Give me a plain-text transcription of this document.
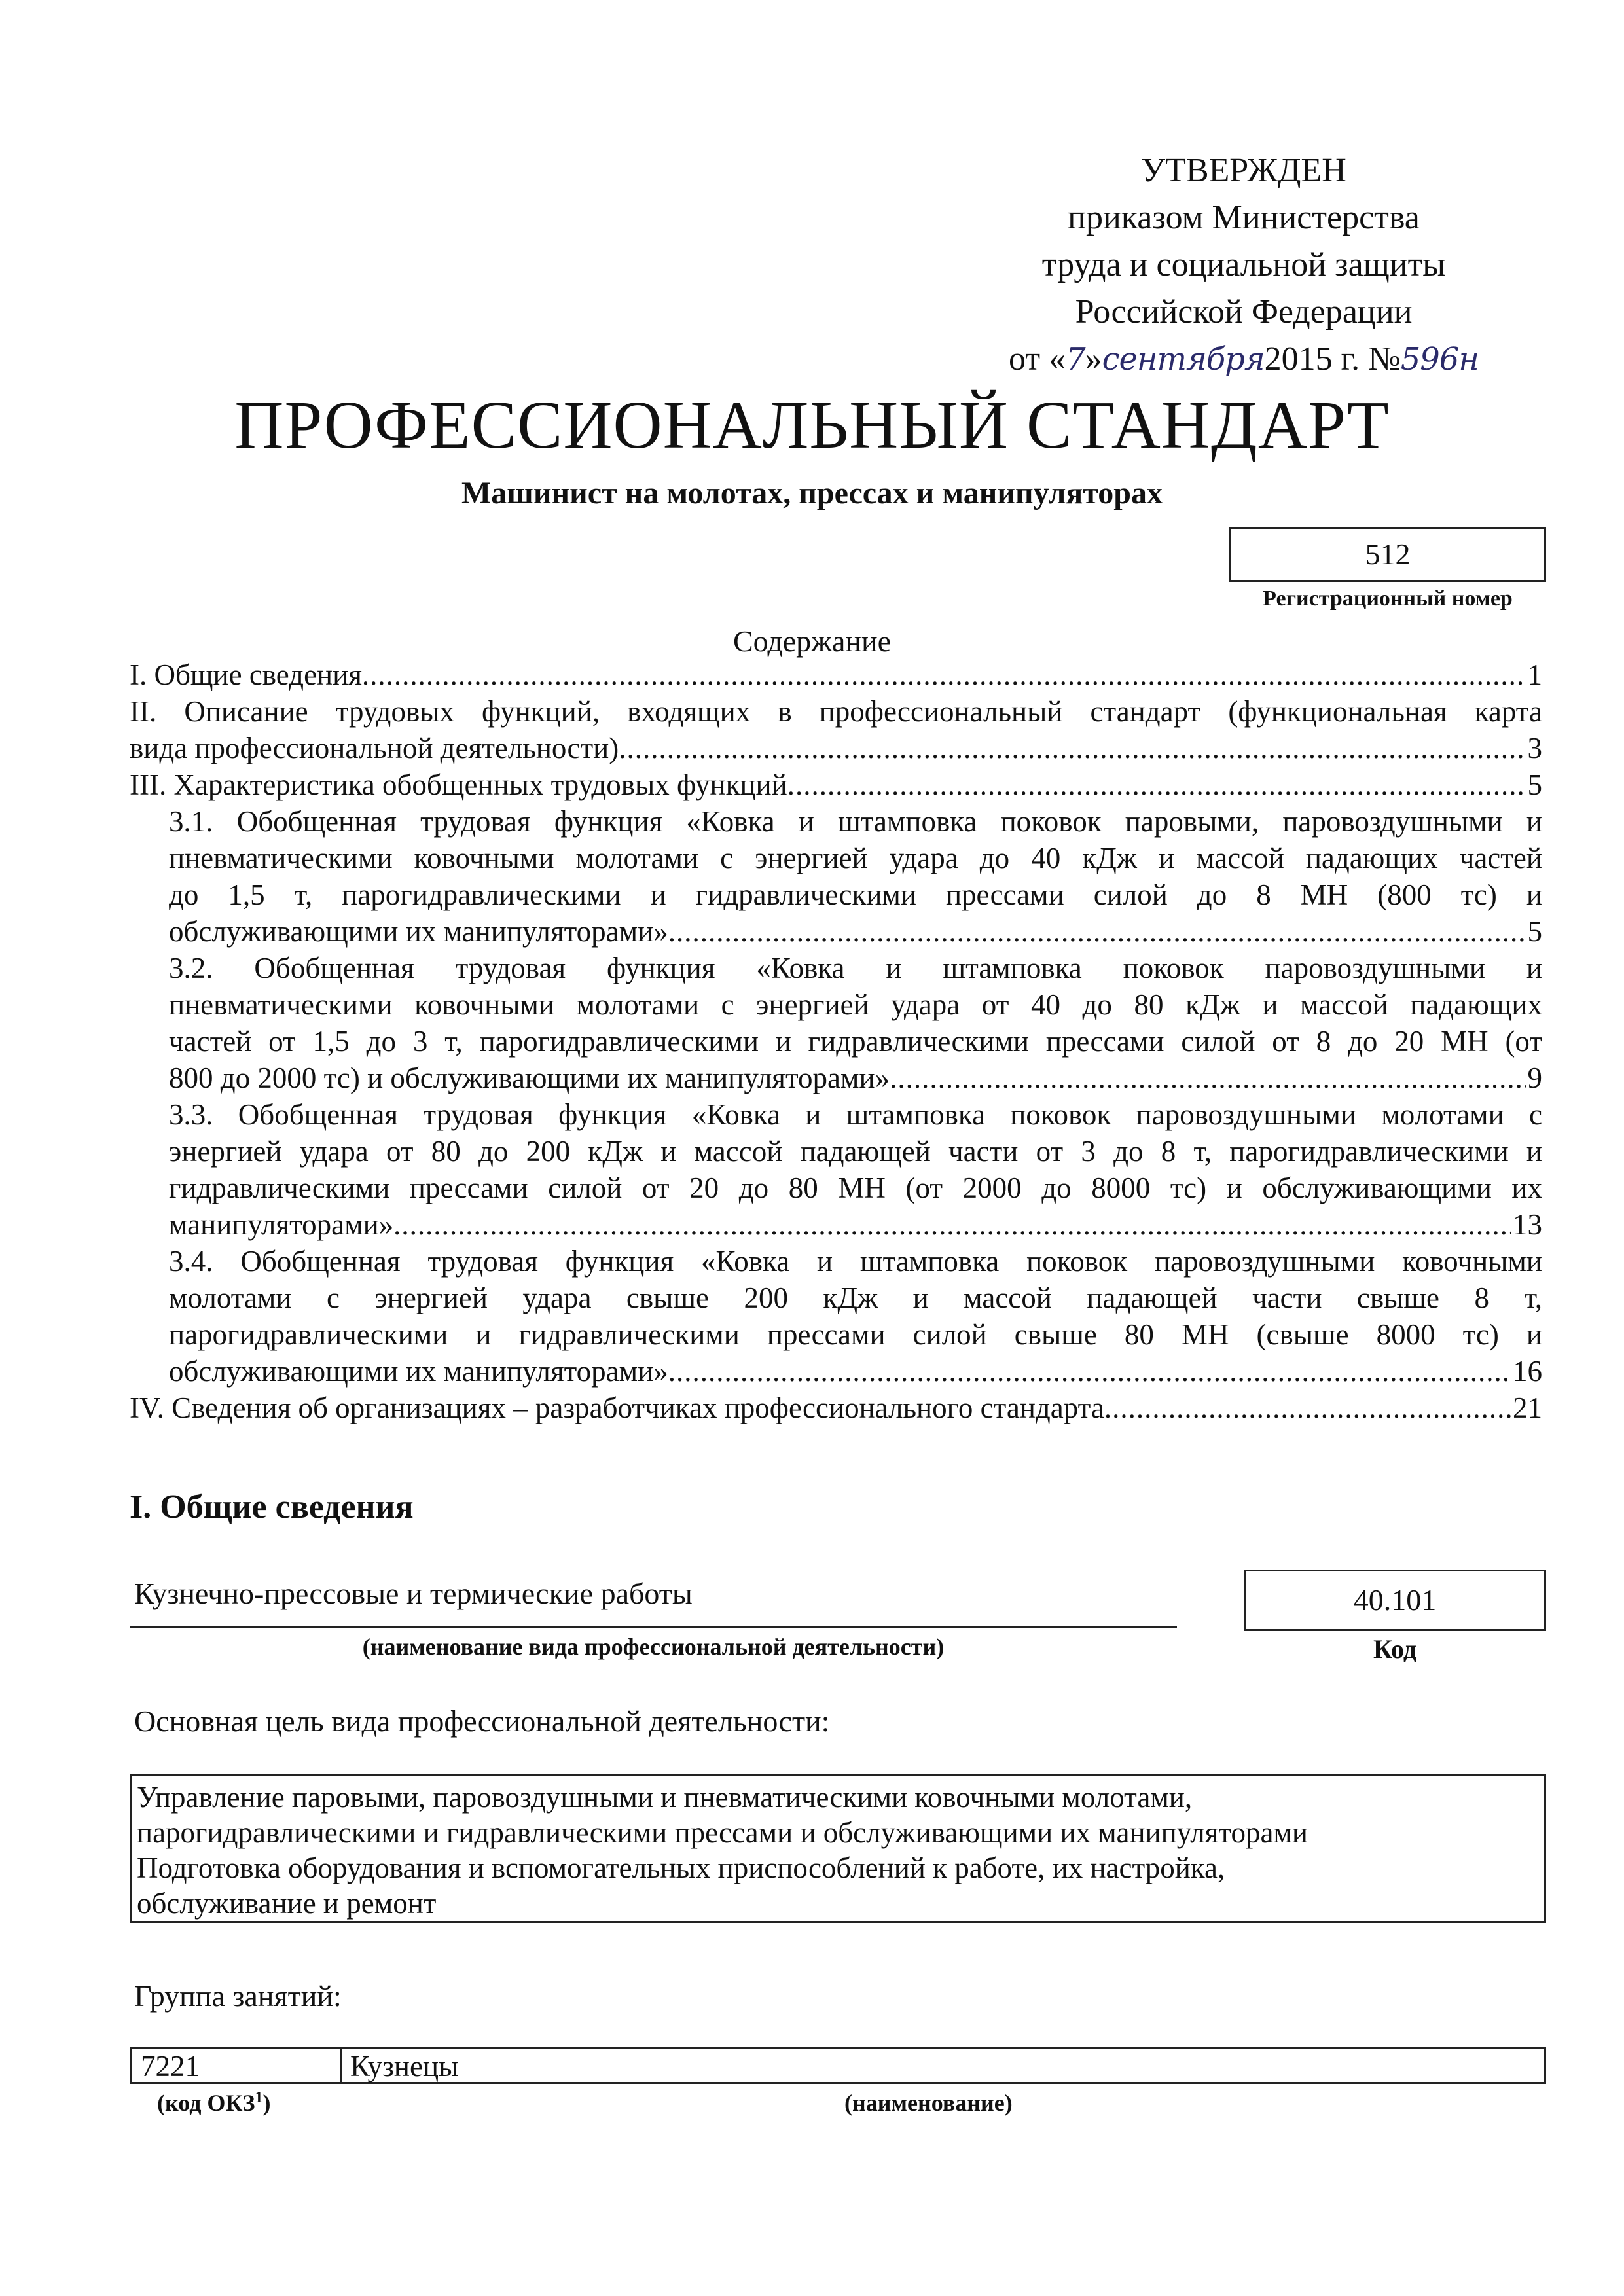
УТВЕРЖДЕН
приказом Министерства
труда и социальной защиты
Российской Федерации
от «7»сентября2015 г. №596н
ПРОФЕССИОНАЛЬНЫЙ СТАНДАРТ
Машинист на молотах, прессах и манипуляторах
512
Регистрационный номер
Содержание
I. Общие сведения .....	1
II. Описание трудовых функций, входящих в профессиональный стандарт (функциональная карта
вида профессиональной деятельности) .....	3
III. Характеристика обобщенных трудовых функций .....	5
3.1. Обобщенная трудовая функция «Ковка и штамповка поковок паровыми, паровоздушными и
пневматическими ковочными молотами с энергией удара до 40 кДж и массой падающих частей
до 1,5 т, парогидравлическими и гидравлическими прессами силой до 8 МН (800 тс) и
обслуживающими их манипуляторами» .....	5
3.2. Обобщенная трудовая функция «Ковка и штамповка поковок паровоздушными и
пневматическими ковочными молотами с энергией удара от 40 до 80 кДж и массой падающих
частей от 1,5 до 3 т, парогидравлическими и гидравлическими прессами силой от 8 до 20 МН (от
800 до 2000 тс) и обслуживающими их манипуляторами» .....	9
3.3. Обобщенная трудовая функция «Ковка и штамповка поковок паровоздушными молотами с
энергией удара от 80 до 200 кДж и массой падающей части от 3 до 8 т, парогидравлическими и
гидравлическими прессами силой от 20 до 80 МН (от 2000 до 8000 тс) и обслуживающими их
манипуляторами» .....	13
3.4. Обобщенная трудовая функция «Ковка и штамповка поковок паровоздушными ковочными
молотами с энергией удара свыше 200 кДж и массой падающей части свыше 8 т,
парогидравлическими и гидравлическими прессами силой свыше 80 МН (свыше 8000 тс) и
обслуживающими их манипуляторами» .....	16
IV. Сведения об организациях – разработчиках профессионального стандарта .....	21
I. Общие сведения
Кузнечно-прессовые и термические работы
(наименование вида профессиональной деятельности)
40.101
Код
Основная цель вида профессиональной деятельности:
Управление паровыми, паровоздушными и пневматическими ковочными молотами,
парогидравлическими и гидравлическими прессами и обслуживающими их манипуляторами
Подготовка оборудования и вспомогательных приспособлений к работе, их настройка,
обслуживание и ремонт
Группа занятий:
7221	Кузнецы
(код ОКЗ$^1$)	(наименование)
